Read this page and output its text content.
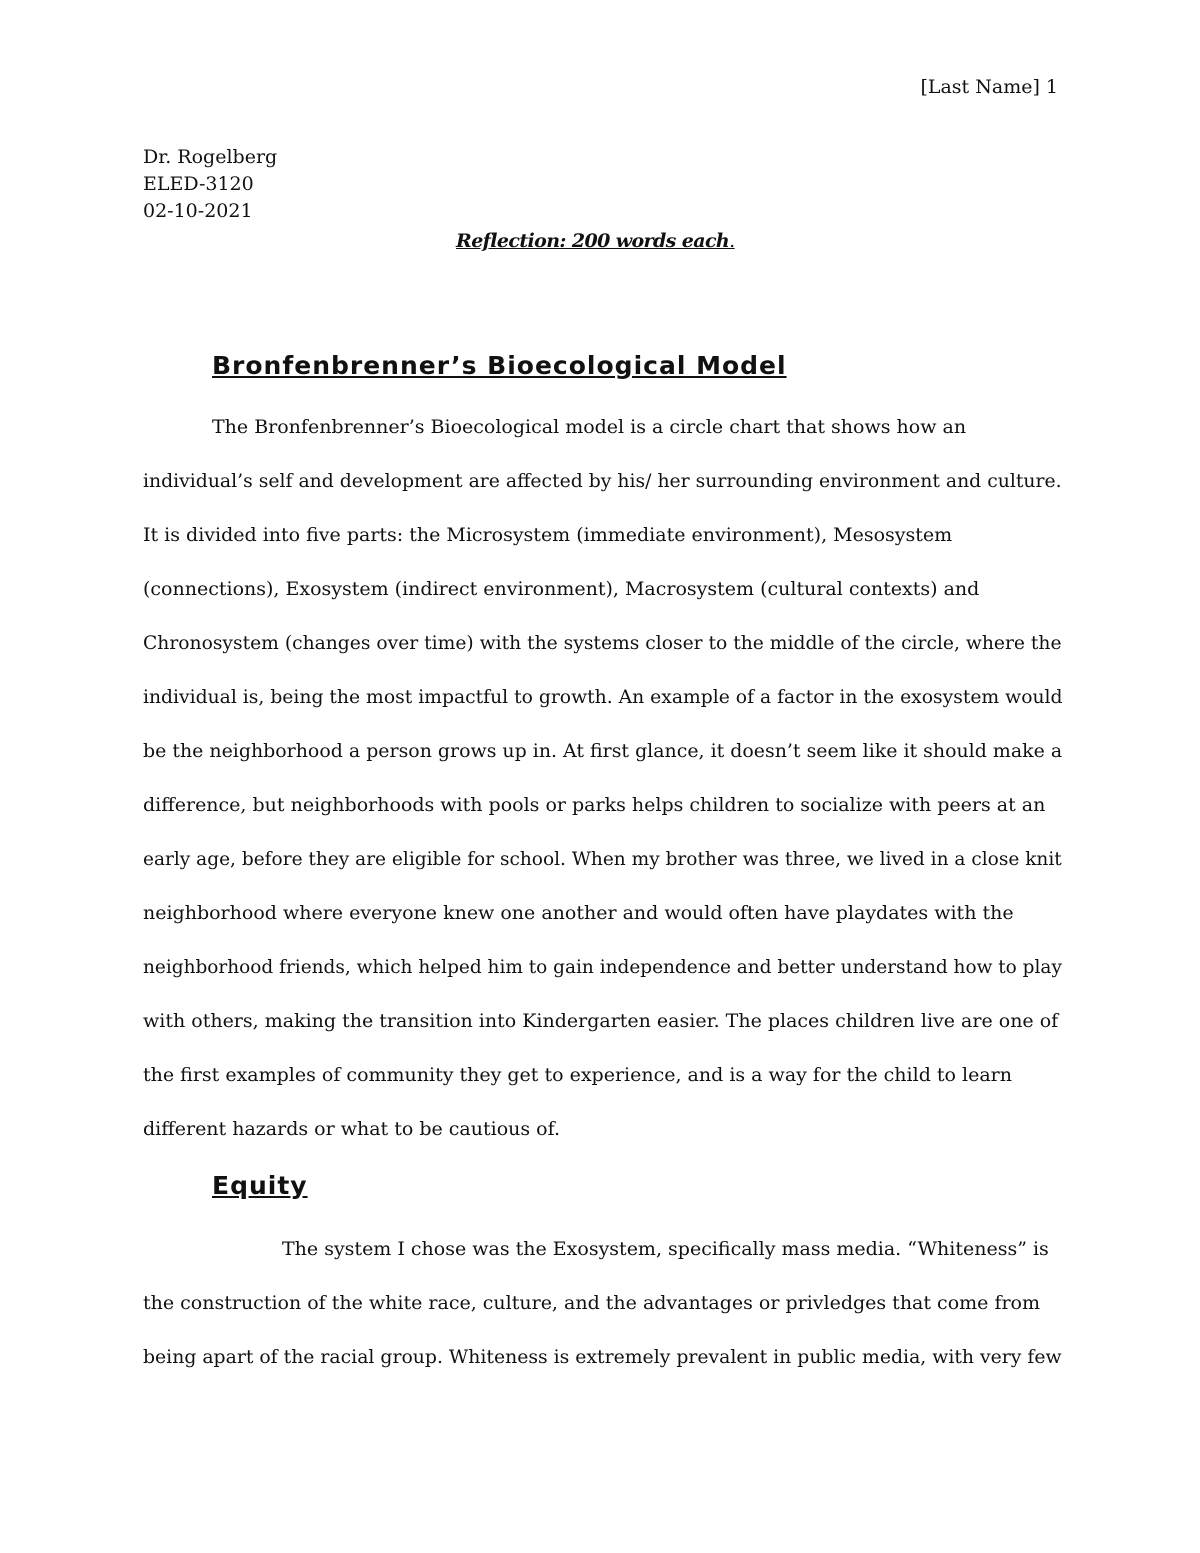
[Last Name] 1
Dr. Rogelberg
ELED-3120
02-10-2021
Reflection: 200 words each.
Bronfenbrenner’s Bioecological Model
The Bronfenbrenner’s Bioecological model is a circle chart that shows how an
individual’s self and development are affected by his/ her surrounding environment and culture.
It is divided into five parts: the Microsystem (immediate environment), Mesosystem
(connections), Exosystem (indirect environment), Macrosystem (cultural contexts) and
Chronosystem (changes over time) with the systems closer to the middle of the circle, where the
individual is, being the most impactful to growth. An example of a factor in the exosystem would
be the neighborhood a person grows up in. At first glance, it doesn’t seem like it should make a
difference, but neighborhoods with pools or parks helps children to socialize with peers at an
early age, before they are eligible for school. When my brother was three, we lived in a close knit
neighborhood where everyone knew one another and would often have playdates with the
neighborhood friends, which helped him to gain independence and better understand how to play
with others, making the transition into Kindergarten easier. The places children live are one of
the first examples of community they get to experience, and is a way for the child to learn
different hazards or what to be cautious of.
Equity
The system I chose was the Exosystem, specifically mass media. “Whiteness” is
the construction of the white race, culture, and the advantages or privledges that come from
being apart of the racial group. Whiteness is extremely prevalent in public media, with very few
